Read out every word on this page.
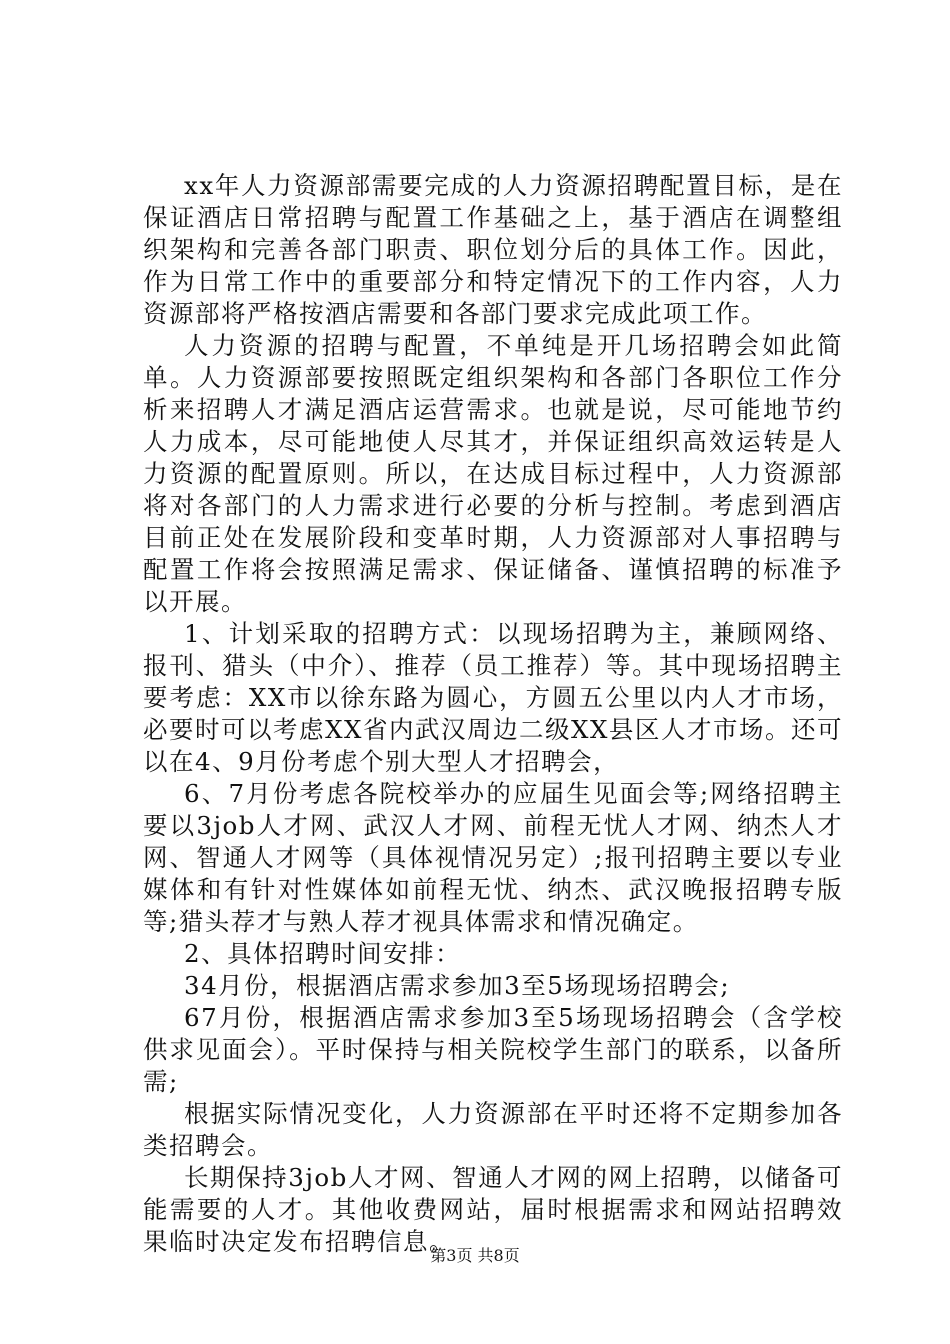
xx年人力资源部需要完成的人力资源招聘配置目标，是在保证酒店日常招聘与配置工作基础之上，基于酒店在调整组织架构和完善各部门职责、职位划分后的具体工作。因此，作为日常工作中的重要部分和特定情况下的工作内容，人力资源部将严格按酒店需要和各部门要求完成此项工作。

人力资源的招聘与配置，不单纯是开几场招聘会如此简单。人力资源部要按照既定组织架构和各部门各职位工作分析来招聘人才满足酒店运营需求。也就是说，尽可能地节约人力成本，尽可能地使人尽其才，并保证组织高效运转是人力资源的配置原则。所以，在达成目标过程中，人力资源部将对各部门的人力需求进行必要的分析与控制。考虑到酒店目前正处在发展阶段和变革时期，人力资源部对人事招聘与配置工作将会按照满足需求、保证储备、谨慎招聘的标准予以开展。

1、计划采取的招聘方式：以现场招聘为主，兼顾网络、报刊、猎头（中介）、推荐（员工推荐）等。其中现场招聘主要考虑：XX市以徐东路为圆心，方圆五公里以内人才市场，必要时可以考虑XX省内武汉周边二级XX县区人才市场。还可以在4、9月份考虑个别大型人才招聘会，

6、7月份考虑各院校举办的应届生见面会等;网络招聘主要以3job人才网、武汉人才网、前程无忧人才网、纳杰人才网、智通人才网等（具体视情况另定）;报刊招聘主要以专业媒体和有针对性媒体如前程无忧、纳杰、武汉晚报招聘专版等;猎头荐才与熟人荐才视具体需求和情况确定。

2、具体招聘时间安排：

34月份，根据酒店需求参加3至5场现场招聘会;

67月份，根据酒店需求参加3至5场现场招聘会（含学校供求见面会）。平时保持与相关院校学生部门的联系，以备所需;

根据实际情况变化，人力资源部在平时还将不定期参加各类招聘会。

长期保持3job人才网、智通人才网的网上招聘，以储备可能需要的人才。其他收费网站，届时根据需求和网站招聘效果临时决定发布招聘信息。

第3页 共8页
